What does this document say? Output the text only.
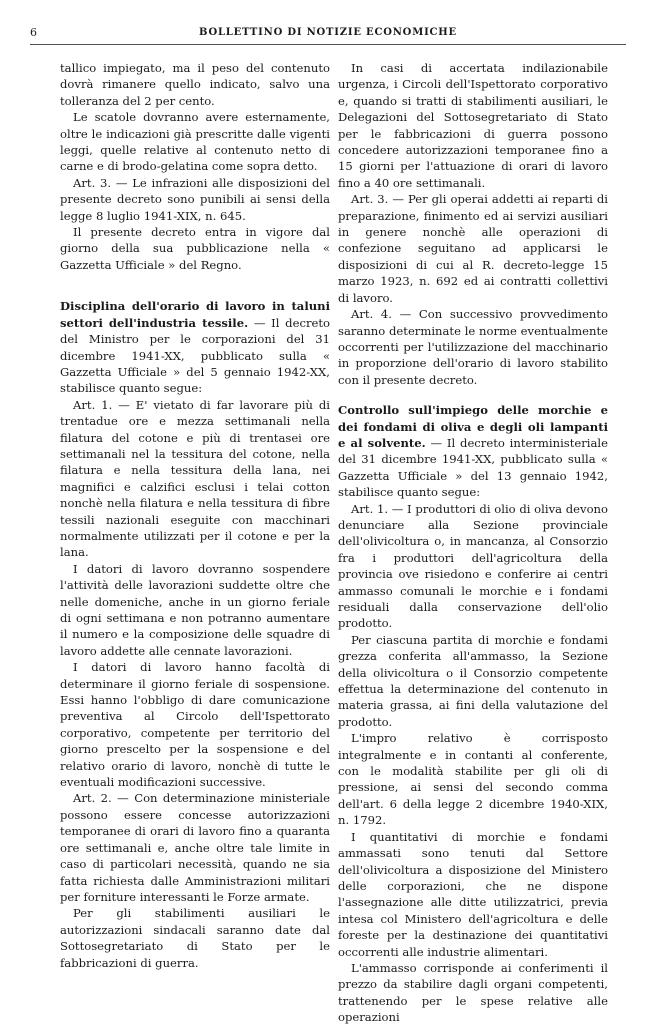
6	BOLLETTINO DI NOTIZIE ECONOMICHE

tallico impiegato, ma il peso del contenuto dovrà rimanere quello indicato, salvo una tolleranza del 2 per cento.

Le scatole dovranno avere esternamente, oltre le indicazioni già prescritte dalle vigenti leggi, quelle relative al contenuto netto di carne e di brodo-gelatina come sopra detto.

Art. 3. — Le infrazioni alle disposizioni del presente decreto sono punibili ai sensi della legge 8 luglio 1941-XIX, n. 645.

Il presente decreto entra in vigore dal giorno della sua pubblicazione nella « Gazzetta Ufficiale » del Regno.

Disciplina dell'orario di lavoro in taluni settori dell'industria tessile. — Il decreto del Ministro per le corporazioni del 31 dicembre 1941-XX, pubblicato sulla « Gazzetta Ufficiale » del 5 gennaio 1942-XX, stabilisce quanto segue:

Art. 1. — E' vietato di far lavorare più di trentadue ore e mezza settimanali nella filatura del cotone e più di trentasei ore settimanali nel la tessitura del cotone, nella filatura e nella tessitura della lana, nei magnifici e calzifici esclusi i telai cotton nonchè nella filatura e nella tessitura di fibre tessili nazionali eseguite con macchinari normalmente utilizzati per il cotone e per la lana.

I datori di lavoro dovranno sospendere l'attività delle lavorazioni suddette oltre che nelle domeniche, anche in un giorno feriale di ogni settimana e non potranno aumentare il numero e la composizione delle squadre di lavoro addette alle cennate lavorazioni.

I datori di lavoro hanno facoltà di determinare il giorno feriale di sospensione. Essi hanno l'obbligo di dare comunicazione preventiva al Circolo dell'Ispettorato corporativo, competente per territorio del giorno prescelto per la sospensione e del relativo orario di lavoro, nonchè di tutte le eventuali modificazioni successive.

Art. 2. — Con determinazione ministeriale possono essere concesse autorizzazioni temporanee di orari di lavoro fino a quaranta ore settimanali e, anche oltre tale limite in caso di particolari necessità, quando ne sia fatta richiesta dalle Amministrazioni militari per forniture interessanti le Forze armate.

Per gli stabilimenti ausiliari le autorizzazioni sindacali saranno date dal Sottosegretariato di Stato per le fabbricazioni di guerra.

In casi di accertata indilazionabile urgenza, i Circoli dell'Ispettorato corporativo e, quando si tratti di stabilimenti ausiliari, le Delegazioni del Sottosegretariato di Stato per le fabbricazioni di guerra possono concedere autorizzazioni temporanee fino a 15 giorni per l'attuazione di orari di lavoro fino a 40 ore settimanali.

Art. 3. — Per gli operai addetti ai reparti di preparazione, finimento ed ai servizi ausiliari in genere nonchè alle operazioni di confezione seguitano ad applicarsi le disposizioni di cui al R. decreto-legge 15 marzo 1923, n. 692 ed ai contratti collettivi di lavoro.

Art. 4. — Con successivo provvedimento saranno determinate le norme eventualmente occorrenti per l'utilizzazione del macchinario in proporzione dell'orario di lavoro stabilito con il presente decreto.

Controllo sull'impiego delle morchie e dei fondami di oliva e degli oli lampanti e al solvente. — Il decreto interministeriale del 31 dicembre 1941-XX, pubblicato sulla « Gazzetta Ufficiale » del 13 gennaio 1942, stabilisce quanto segue:

Art. 1. — I produttori di olio di oliva devono denunciare alla Sezione provinciale dell'olivicoltura o, in mancanza, al Consorzio fra i produttori dell'agricoltura della provincia ove risiedono e conferire ai centri ammasso comunali le morchie e i fondami residuali dalla conservazione dell'olio prodotto.

Per ciascuna partita di morchie e fondami grezza conferita all'ammasso, la Sezione della olivicoltura o il Consorzio competente effettua la determinazione del contenuto in materia grassa, ai fini della valutazione del prodotto.

L'impro relativo è corrisposto integralmente e in contanti al conferente, con le modalità stabilite per gli oli di pressione, ai sensi del secondo comma dell'art. 6 della legge 2 dicembre 1940-XIX, n. 1792.

I quantitativi di morchie e fondami ammassati sono tenuti dal Settore dell'olivicoltura a disposizione del Ministero delle corporazioni, che ne dispone l'assegnazione alle ditte utilizzatrici, previa intesa col Ministero dell'agricoltura e delle foreste per la destinazione dei quantitativi occorrenti alle industrie alimentari.

L'ammasso corrisponde ai conferimenti il prezzo da stabilire dagli organi competenti, trattenendo per le spese relative alle operazioni
